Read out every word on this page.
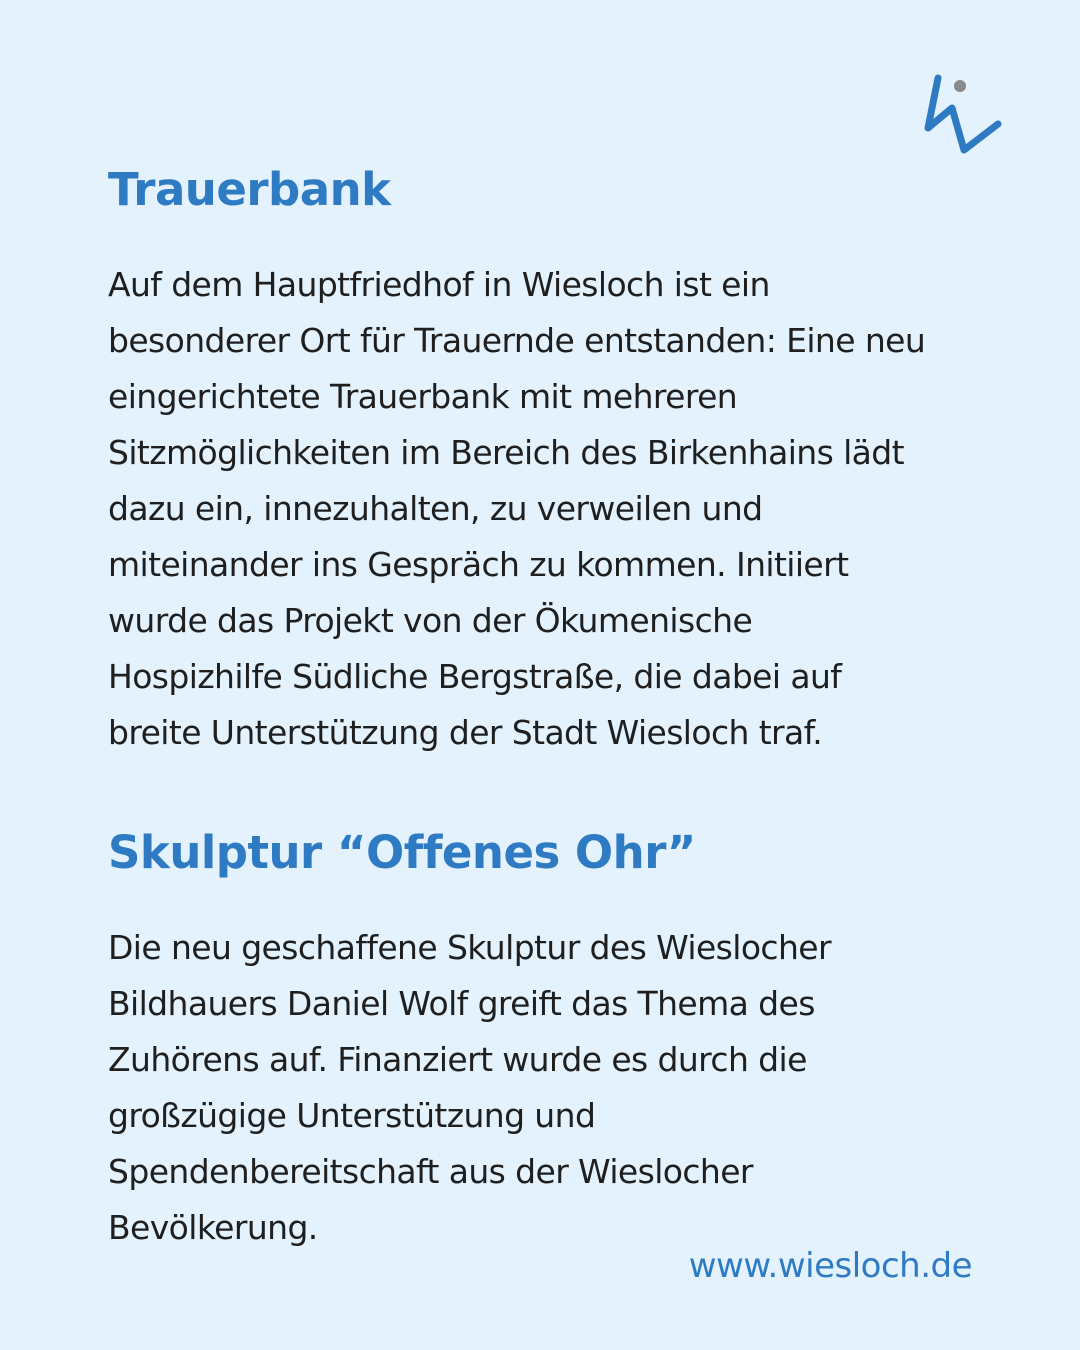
Trauerbank

Auf dem Hauptfriedhof in Wiesloch ist ein
besonderer Ort für Trauernde entstanden: Eine neu
eingerichtete Trauerbank mit mehreren
Sitzmöglichkeiten im Bereich des Birkenhains lädt
dazu ein, innezuhalten, zu verweilen und
miteinander ins Gespräch zu kommen. Initiiert
wurde das Projekt von der Ökumenische
Hospizhilfe Südliche Bergstraße, die dabei auf
breite Unterstützung der Stadt Wiesloch traf.

Skulptur “Offenes Ohr”

Die neu geschaffene Skulptur des Wieslocher
Bildhauers Daniel Wolf greift das Thema des
Zuhörens auf. Finanziert wurde es durch die
großzügige Unterstützung und
Spendenbereitschaft aus der Wieslocher
Bevölkerung.

www.wiesloch.de
